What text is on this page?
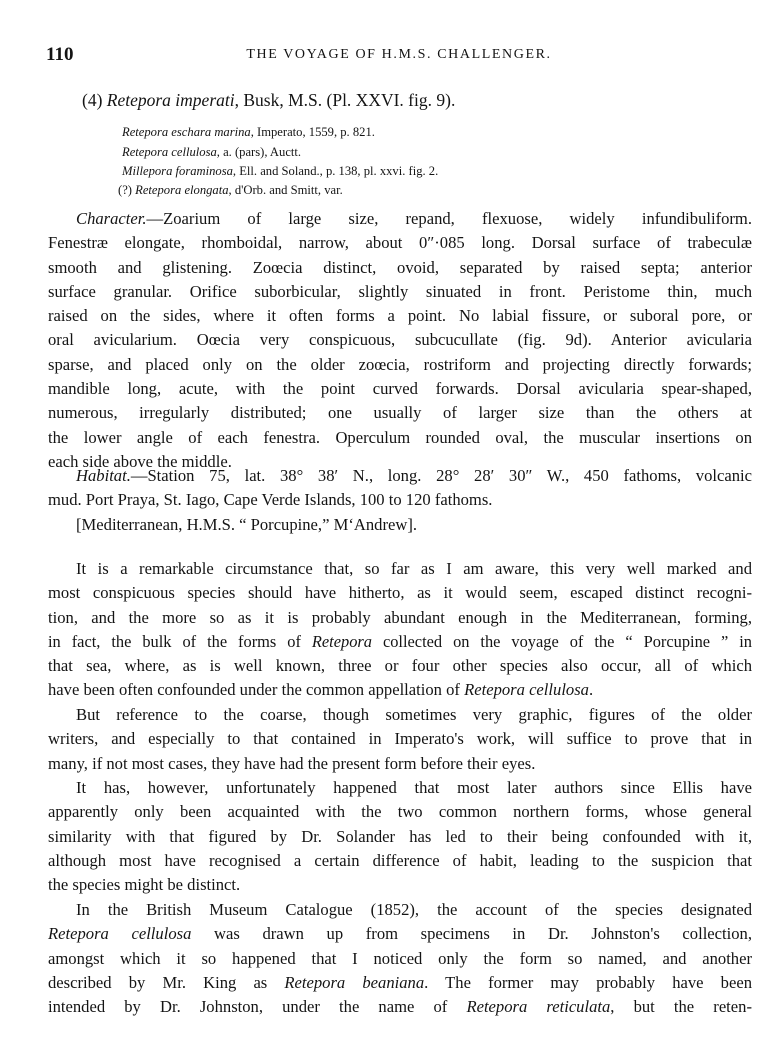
110	THE VOYAGE OF H.M.S. CHALLENGER.
(4) Retepora imperati, Busk, M.S. (Pl. XXVI. fig. 9).
Retepora eschara marina, Imperato, 1559, p. 821.
Retepora cellulosa, a. (pars), Auctt.
Millepora foraminosa, Ell. and Soland., p. 138, pl. xxvi. fig. 2.
(?) Retepora elongata, d'Orb. and Smitt, var.
Character.—Zoarium of large size, repand, flexuose, widely infundibuliform.
Fenestræ elongate, rhomboidal, narrow, about 0″·085 long. Dorsal surface of trabeculæ
smooth and glistening. Zoœcia distinct, ovoid, separated by raised septa; anterior
surface granular. Orifice suborbicular, slightly sinuated in front. Peristome thin, much
raised on the sides, where it often forms a point. No labial fissure, or suboral pore, or
oral avicularium. Oœcia very conspicuous, subcucullate (fig. 9d). Anterior avicularia
sparse, and placed only on the older zoœcia, rostriform and projecting directly forwards;
mandible long, acute, with the point curved forwards. Dorsal avicularia spear-shaped,
numerous, irregularly distributed; one usually of larger size than the others at
the lower angle of each fenestra. Operculum rounded oval, the muscular insertions on
each side above the middle.
Habitat.—Station 75, lat. 38° 38′ N., long. 28° 28′ 30″ W., 450 fathoms, volcanic
mud. Port Praya, St. Iago, Cape Verde Islands, 100 to 120 fathoms.
[Mediterranean, H.M.S. “ Porcupine,” M‘Andrew].
It is a remarkable circumstance that, so far as I am aware, this very well marked and
most conspicuous species should have hitherto, as it would seem, escaped distinct recogni-
tion, and the more so as it is probably abundant enough in the Mediterranean, forming,
in fact, the bulk of the forms of Retepora collected on the voyage of the “ Porcupine ” in
that sea, where, as is well known, three or four other species also occur, all of which
have been often confounded under the common appellation of Retepora cellulosa.
But reference to the coarse, though sometimes very graphic, figures of the older
writers, and especially to that contained in Imperato's work, will suffice to prove that in
many, if not most cases, they have had the present form before their eyes.
It has, however, unfortunately happened that most later authors since Ellis have
apparently only been acquainted with the two common northern forms, whose general
similarity with that figured by Dr. Solander has led to their being confounded with it,
although most have recognised a certain difference of habit, leading to the suspicion that
the species might be distinct.
In the British Museum Catalogue (1852), the account of the species designated
Retepora cellulosa was drawn up from specimens in Dr. Johnston's collection,
amongst which it so happened that I noticed only the form so named, and another
described by Mr. King as Retepora beaniana. The former may probably have been
intended by Dr. Johnston, under the name of Retepora reticulata, but the reten-
